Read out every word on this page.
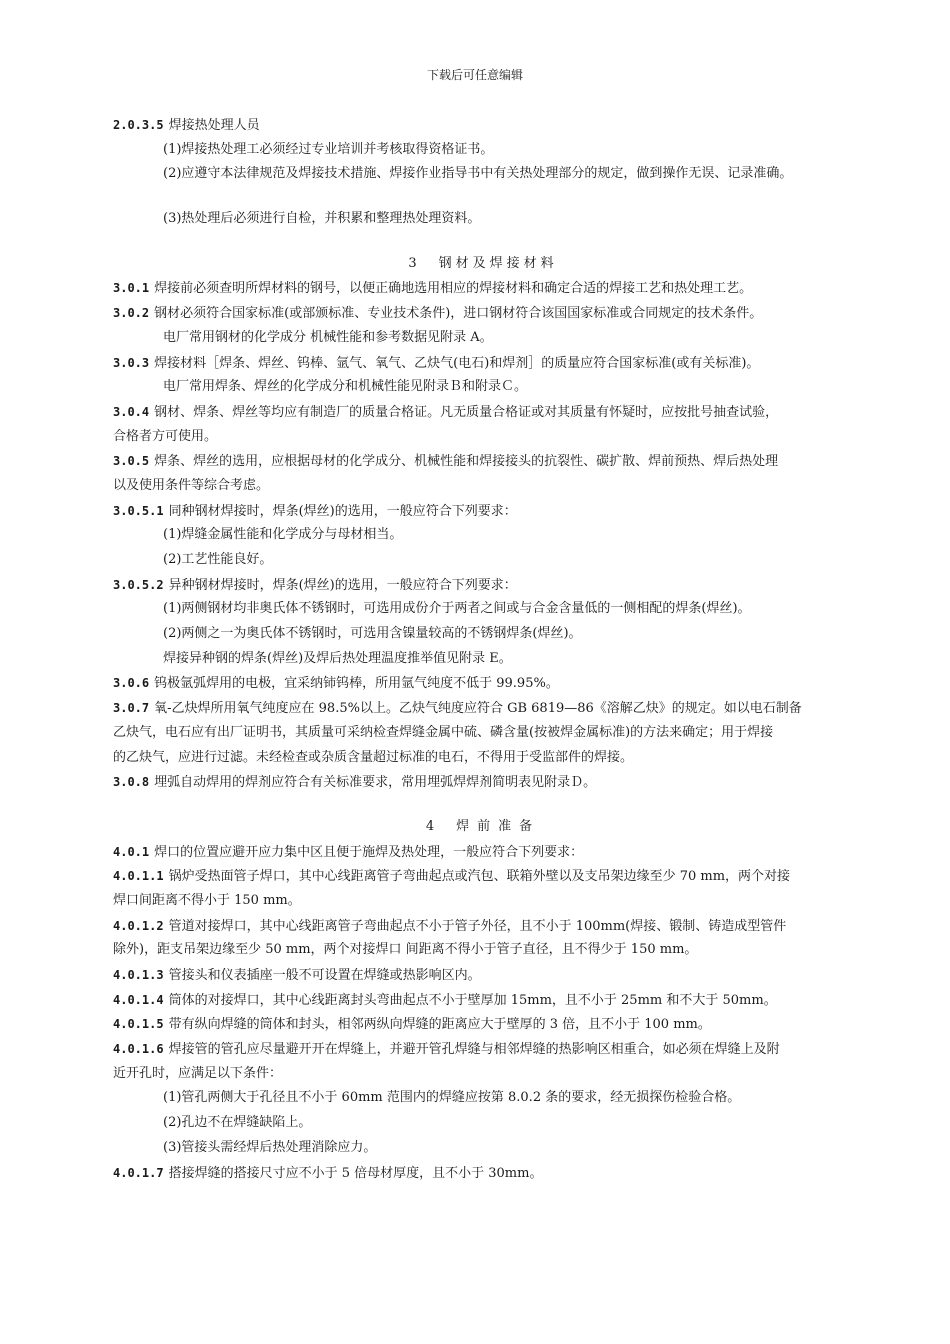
下载后可任意编辑
2.0.3.5 焊接热处理人员
(1)焊接热处理工必须经过专业培训并考核取得资格证书。
(2)应遵守本法律规范及焊接技术措施、焊接作业指导书中有关热处理部分的规定，做到操作无误、记录准确。
(3)热处理后必须进行自检，并积累和整理热处理资料。
3 钢材及焊接材料
3.0.1 焊接前必须查明所焊材料的钢号，以便正确地选用相应的焊接材料和确定合适的焊接工艺和热处理工艺。
3.0.2 钢材必须符合国家标准(或部颁标准、专业技术条件)，进口钢材符合该国国家标准或合同规定的技术条件。
电厂常用钢材的化学成分 机械性能和参考数据见附录 A。
3.0.3 焊接材料［焊条、焊丝、钨棒、氩气、氧气、乙炔气(电石)和焊剂］的质量应符合国家标准(或有关标准)。
电厂常用焊条、焊丝的化学成分和机械性能见附录Ｂ和附录Ｃ。
3.0.4 钢材、焊条、焊丝等均应有制造厂的质量合格证。凡无质量合格证或对其质量有怀疑时，应按批号抽查试验，
合格者方可使用。
3.0.5 焊条、焊丝的选用，应根据母材的化学成分、机械性能和焊接接头的抗裂性、碳扩散、焊前预热、焊后热处理
以及使用条件等综合考虑。
3.0.5.1 同种钢材焊接时，焊条(焊丝)的选用，一般应符合下列要求：
(1)焊缝金属性能和化学成分与母材相当。
(2)工艺性能良好。
3.0.5.2 异种钢材焊接时，焊条(焊丝)的选用，一般应符合下列要求：
(1)两侧钢材均非奥氏体不锈钢时，可选用成份介于两者之间或与合金含量低的一侧相配的焊条(焊丝)。
(2)两侧之一为奥氏体不锈钢时，可选用含镍量较高的不锈钢焊条(焊丝)。
焊接异种钢的焊条(焊丝)及焊后热处理温度推举值见附录 E。
3.0.6 钨极氩弧焊用的电极，宜采纳铈钨棒，所用氩气纯度不低于 99.95%。
3.0.7 氧-乙炔焊所用氧气纯度应在 98.5%以上。乙炔气纯度应符合 GB 6819—86《溶解乙炔》的规定。如以电石制备
乙炔气，电石应有出厂证明书，其质量可采纳检查焊缝金属中硫、磷含量(按被焊金属标准)的方法来确定；用于焊接
的乙炔气，应进行过滤。未经检查或杂质含量超过标准的电石，不得用于受监部件的焊接。
3.0.8 埋弧自动焊用的焊剂应符合有关标准要求，常用埋弧焊焊剂简明表见附录Ｄ。
4 焊前准备
4.0.1 焊口的位置应避开应力集中区且便于施焊及热处理，一般应符合下列要求：
4.0.1.1 锅炉受热面管子焊口，其中心线距离管子弯曲起点或汽包、联箱外壁以及支吊架边缘至少 70 mm，两个对接
焊口间距离不得小于 150 mm。
4.0.1.2 管道对接焊口，其中心线距离管子弯曲起点不小于管子外径，且不小于 100mm(焊接、锻制、铸造成型管件
除外)，距支吊架边缘至少 50 mm，两个对接焊口 间距离不得小于管子直径，且不得少于 150 mm。
4.0.1.3 管接头和仪表插座一般不可设置在焊缝或热影响区内。
4.0.1.4 筒体的对接焊口，其中心线距离封头弯曲起点不小于壁厚加 15mm，且不小于 25mm 和不大于 50mm。
4.0.1.5 带有纵向焊缝的筒体和封头，相邻两纵向焊缝的距离应大于壁厚的 3 倍，且不小于 100 mm。
4.0.1.6 焊接管的管孔应尽量避开开在焊缝上，并避开管孔焊缝与相邻焊缝的热影响区相重合，如必须在焊缝上及附
近开孔时，应满足以下条件：
(1)管孔两侧大于孔径且不小于 60mm 范围内的焊缝应按第 8.0.2 条的要求，经无损探伤检验合格。
(2)孔边不在焊缝缺陷上。
(3)管接头需经焊后热处理消除应力。
4.0.1.7 搭接焊缝的搭接尺寸应不小于 5 倍母材厚度，且不小于 30mm。
